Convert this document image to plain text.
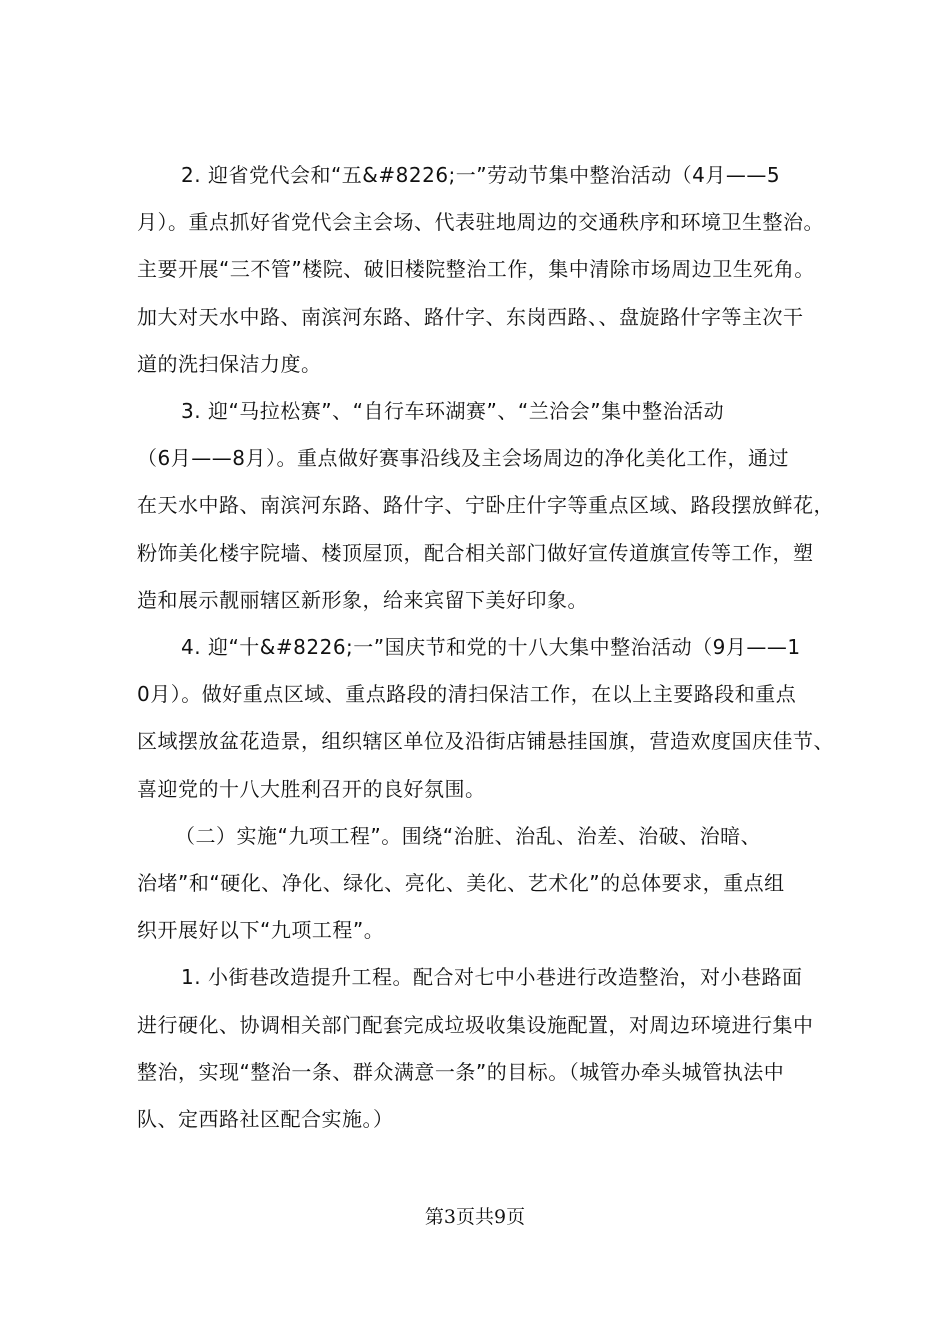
2. 迎省党代会和“五&#8226;一”劳动节集中整治活动（4月——5
月）。重点抓好省党代会主会场、代表驻地周边的交通秩序和环境卫生整治。
主要开展“三不管”楼院、破旧楼院整治工作，集中清除市场周边卫生死角。
加大对天水中路、南滨河东路、路什字、东岗西路、、盘旋路什字等主次干
道的洗扫保洁力度。

3. 迎“马拉松赛”、“自行车环湖赛”、“兰洽会”集中整治活动
（6月——8月）。重点做好赛事沿线及主会场周边的净化美化工作，通过
在天水中路、南滨河东路、路什字、宁卧庄什字等重点区域、路段摆放鲜花，
粉饰美化楼宇院墙、楼顶屋顶，配合相关部门做好宣传道旗宣传等工作，塑
造和展示靓丽辖区新形象，给来宾留下美好印象。

4. 迎“十&#8226;一”国庆节和党的十八大集中整治活动（9月——1
0月）。做好重点区域、重点路段的清扫保洁工作，在以上主要路段和重点
区域摆放盆花造景，组织辖区单位及沿街店铺悬挂国旗，营造欢度国庆佳节、
喜迎党的十八大胜利召开的良好氛围。

（二）实施“九项工程”。围绕“治脏、治乱、治差、治破、治暗、
治堵”和“硬化、净化、绿化、亮化、美化、艺术化”的总体要求，重点组
织开展好以下“九项工程”。

1. 小街巷改造提升工程。配合对七中小巷进行改造整治，对小巷路面
进行硬化、协调相关部门配套完成垃圾收集设施配置，对周边环境进行集中
整治，实现“整治一条、群众满意一条”的目标。（城管办牵头城管执法中
队、定西路社区配合实施。）

第3页共9页
